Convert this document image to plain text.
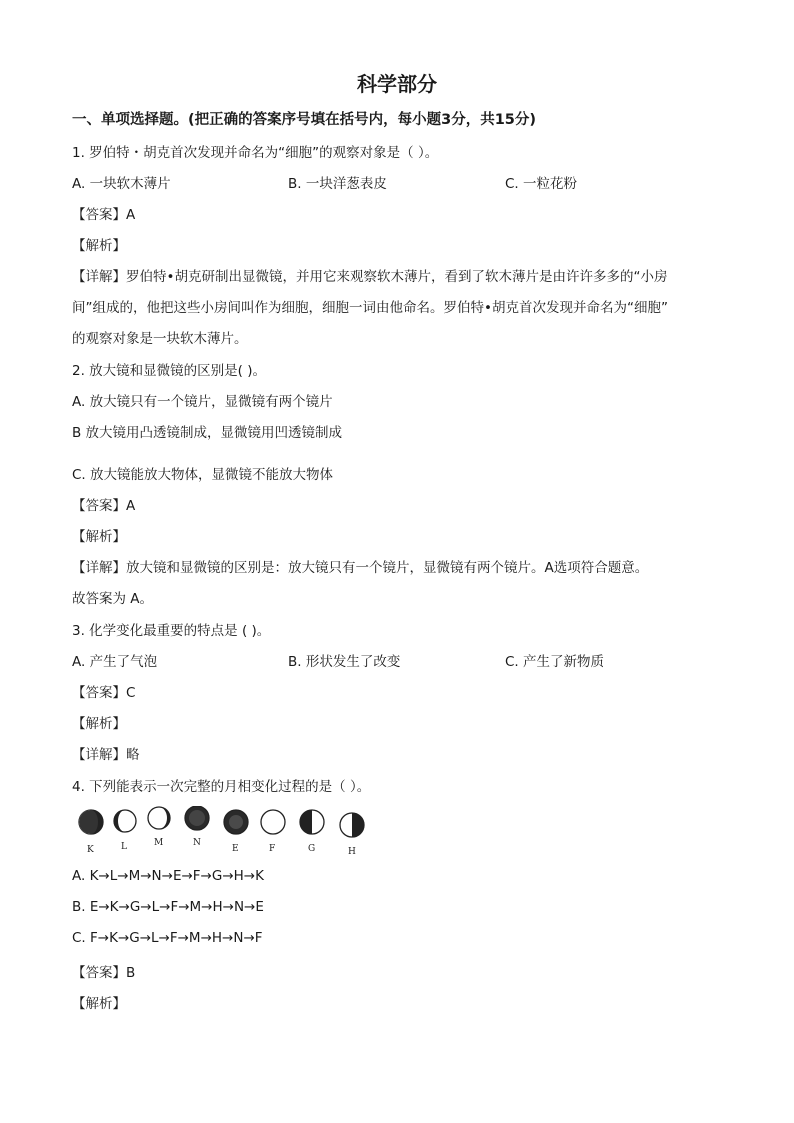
科学部分
一、单项选择题。(把正确的答案序号填在括号内，每小题3分，共15分)
1. 罗伯特・胡克首次发现并命名为“细胞”的观察对象是（ ）。
A. 一块软木薄片	B. 一块洋葱表皮	C. 一粒花粉
【答案】A
【解析】
【详解】罗伯特•胡克研制出显微镜，并用它来观察软木薄片，看到了软木薄片是由许许多多的“小房
间”组成的，他把这些小房间叫作为细胞，细胞一词由他命名。罗伯特•胡克首次发现并命名为“细胞”
的观察对象是一块软木薄片。
2. 放大镜和显微镜的区别是( )。
A. 放大镜只有一个镜片，显微镜有两个镜片
B 放大镜用凸透镜制成，显微镜用凹透镜制成
C. 放大镜能放大物体，显微镜不能放大物体
【答案】A
【解析】
【详解】放大镜和显微镜的区别是：放大镜只有一个镜片，显微镜有两个镜片。A选项符合题意。
故答案为 A。
3. 化学变化最重要的特点是 ( )。
A. 产生了气泡	B. 形状发生了改变	C. 产生了新物质
【答案】C
【解析】
【详解】略
4. 下列能表示一次完整的月相变化过程的是（ ）。
K	L	M	N
E	F	G	H
A. K→L→M→N→E→F→G→H→K
B. E→K→G→L→F→M→H→N→E
C. F→K→G→L→F→M→H→N→F
【答案】B
【解析】
